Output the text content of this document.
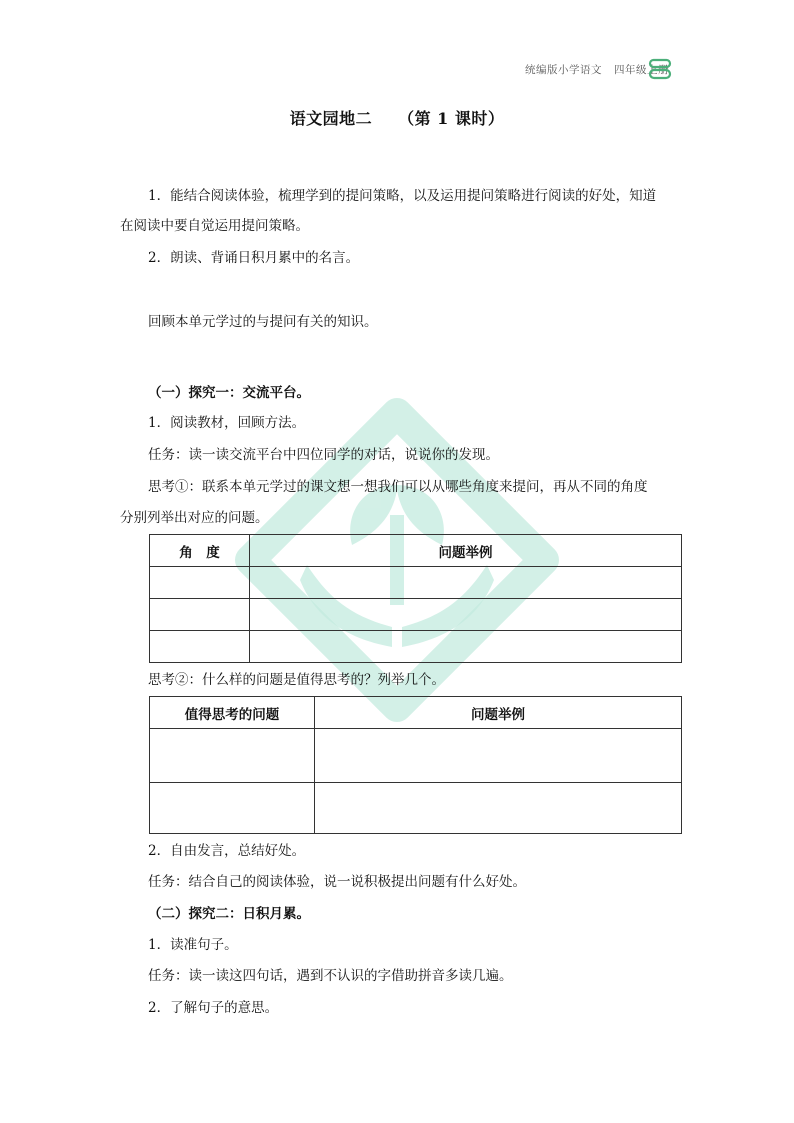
统编版小学语文 四年级上册
语文园地二 （第 1 课时）
1．能结合阅读体验，梳理学到的提问策略，以及运用提问策略进行阅读的好处，知道
在阅读中要自觉运用提问策略。
2．朗读、背诵日积月累中的名言。
回顾本单元学过的与提问有关的知识。
（一）探究一：交流平台。
1．阅读教材，回顾方法。
任务：读一读交流平台中四位同学的对话，说说你的发现。
思考①：联系本单元学过的课文想一想我们可以从哪些角度来提问，再从不同的角度
分别列举出对应的问题。
角　度	问题举例

思考②：什么样的问题是值得思考的？列举几个。
值得思考的问题	问题举例

2．自由发言，总结好处。
任务：结合自己的阅读体验，说一说积极提出问题有什么好处。
（二）探究二：日积月累。
1．读准句子。
任务：读一读这四句话，遇到不认识的字借助拼音多读几遍。
2．了解句子的意思。
